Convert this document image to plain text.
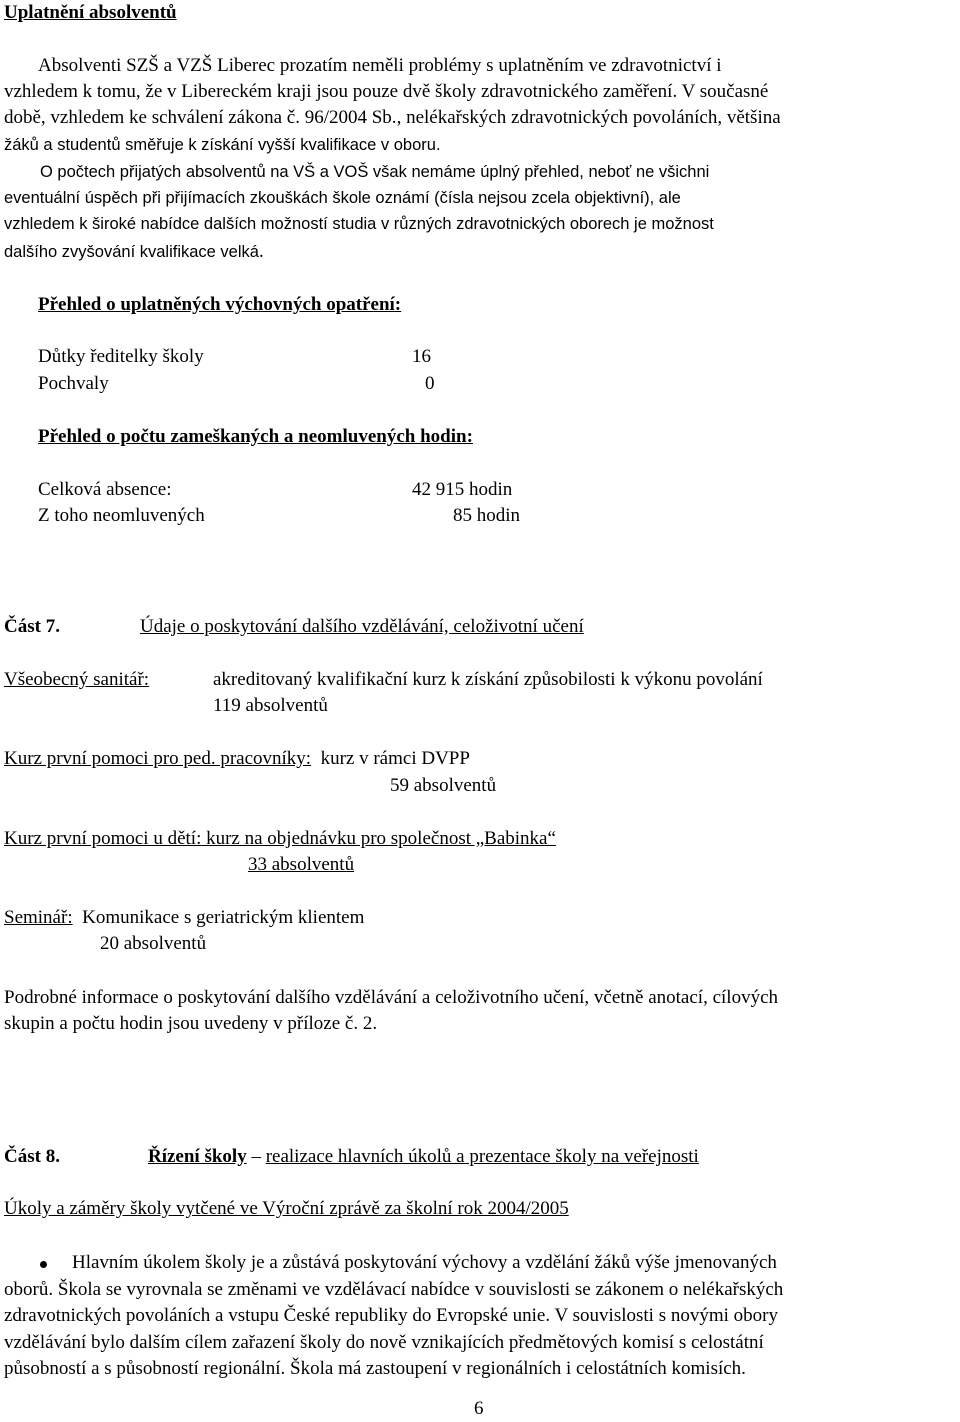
Uplatnění absolventů
Absolventi SZŠ a VZŠ Liberec prozatím neměli problémy s uplatněním ve zdravotnictví i
vzhledem k tomu, že v Libereckém kraji jsou pouze dvě školy zdravotnického zaměření. V současné
době, vzhledem ke schválení zákona č. 96/2004 Sb., nelékařských zdravotnických povoláních, většina
žáků a studentů směřuje k získání vyšší kvalifikace v oboru.
O počtech přijatých absolventů na VŠ a VOŠ však nemáme úplný přehled, neboť ne všichni
eventuální úspěch při přijímacích zkouškách škole oznámí (čísla nejsou zcela objektivní), ale
vzhledem k široké nabídce dalších možností studia v různých zdravotnických oborech je možnost
dalšího zvyšování kvalifikace velká.
Přehled o uplatněných výchovných opatření:
Důtky ředitelky školy	16
Pochvaly	0
Přehled o počtu zameškaných a neomluvených hodin:
Celková absence:	42 915 hodin
Z toho neomluvených	85 hodin
Část 7.	Údaje o poskytování dalšího vzdělávání, celoživotní učení
Všeobecný sanitář:	akreditovaný kvalifikační kurz k získání způsobilosti k výkonu povolání
119 absolventů
Kurz první pomoci pro ped. pracovníky: kurz v rámci DVPP
59 absolventů
Kurz první pomoci u dětí: kurz na objednávku pro společnost „Babinka“
33 absolventů
Seminář: Komunikace s geriatrickým klientem
20 absolventů
Podrobné informace o poskytování dalšího vzdělávání a celoživotního učení, včetně anotací, cílových
skupin a počtu hodin jsou uvedeny v příloze č. 2.
Část 8.	Řízení školy – realizace hlavních úkolů a prezentace školy na veřejnosti
Úkoly a záměry školy vytčené ve Výroční zprávě za školní rok 2004/2005
Hlavním úkolem školy je a zůstává poskytování výchovy a vzdělání žáků výše jmenovaných
oborů. Škola se vyrovnala se změnami ve vzdělávací nabídce v souvislosti se zákonem o nelékařských
zdravotnických povoláních a vstupu České republiky do Evropské unie. V souvislosti s novými obory
vzdělávání bylo dalším cílem zařazení školy do nově vznikajících předmětových komisí s celostátní
působností a s působností regionální. Škola má zastoupení v regionálních i celostátních komisích.
6
